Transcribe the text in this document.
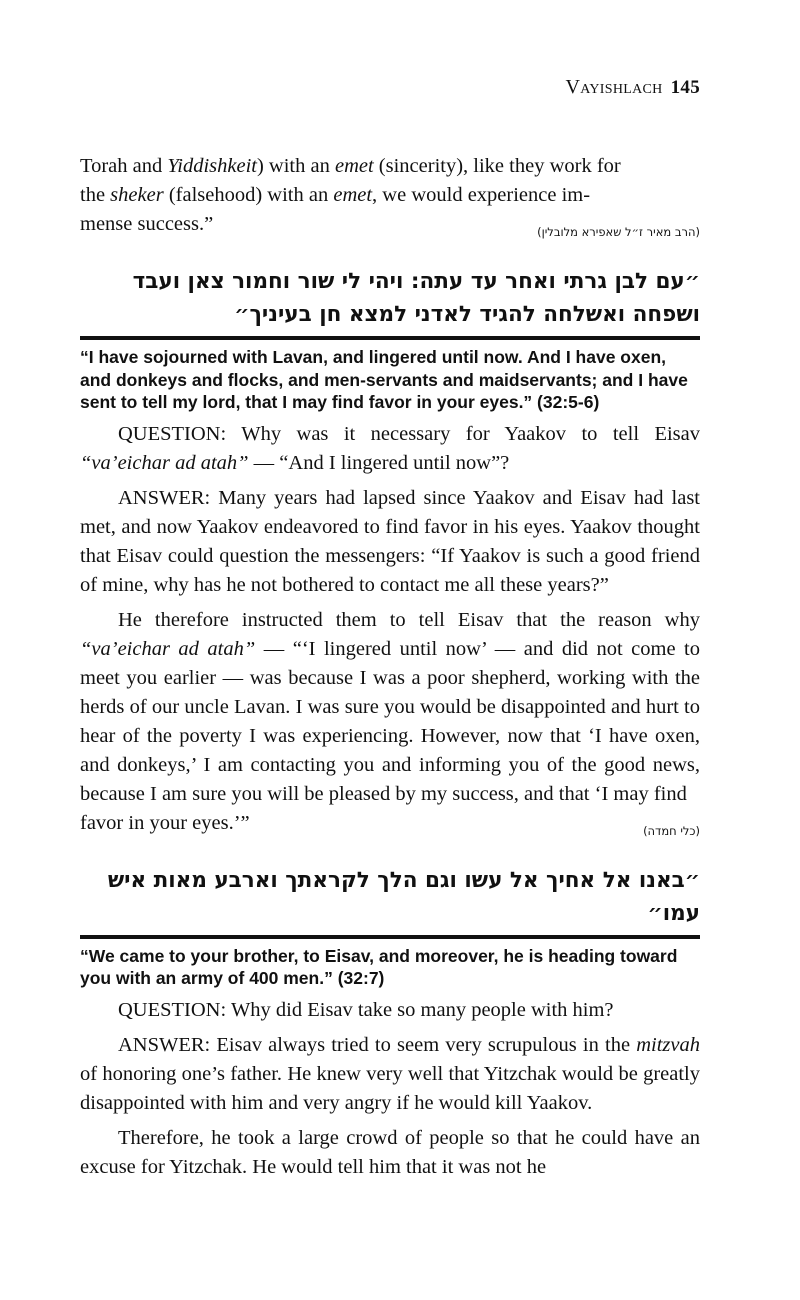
Vayishlach 145

Torah and Yiddishkeit) with an emet (sincerity), like they work for
the sheker (falsehood) with an emet, we would experience im-

mense success.”	(הרב מאיר ז״ל שאפירא מלובלין)
״עם לבן גרתי ואחר עד עתה: ויהי לי שור וחמור צאן ועבד ושפחה ואשלחה להגיד לאדני למצא חן בעיניך״

“I have sojourned with Lavan, and lingered until now. And I have oxen, and donkeys and flocks, and men-servants and maidservants; and I have sent to tell my lord, that I may find favor in your eyes.” (32:5-6)

QUESTION: Why was it necessary for Yaakov to tell Eisav “va’eichar ad atah” — “And I lingered until now”?

ANSWER: Many years had lapsed since Yaakov and Eisav had last met, and now Yaakov endeavored to find favor in his eyes. Yaakov thought that Eisav could question the messengers: “If Yaakov is such a good friend of mine, why has he not bothered to contact me all these years?”

He therefore instructed them to tell Eisav that the reason why “va’eichar ad atah” — “‘I lingered until now’ — and did not come to meet you earlier — was because I was a poor shepherd, working with the herds of our uncle Lavan. I was sure you would be disappointed and hurt to hear of the poverty I was experiencing. However, now that ‘I have oxen, and donkeys,’ I am contacting you and informing you of the good news, because I am sure you will be pleased by my success, and that ‘I may find

favor in your eyes.’”	(כלי חמדה)
״באנו אל אחיך אל עשו וגם הלך לקראתך וארבע מאות איש עמו״

“We came to your brother, to Eisav, and moreover, he is heading toward you with an army of 400 men.” (32:7)

QUESTION: Why did Eisav take so many people with him?

ANSWER: Eisav always tried to seem very scrupulous in the mitzvah of honoring one’s father. He knew very well that Yitzchak would be greatly disappointed with him and very angry if he would kill Yaakov.

Therefore, he took a large crowd of people so that he could have an excuse for Yitzchak. He would tell him that it was not he
